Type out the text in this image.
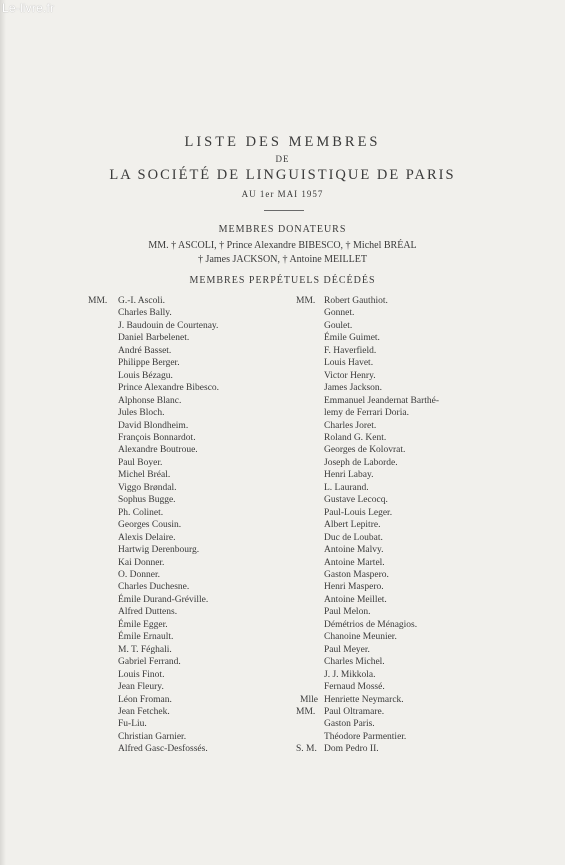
Le-livre.fr
LISTE DES MEMBRES
DE
LA SOCIÉTÉ DE LINGUISTIQUE DE PARIS
AU 1er MAI 1957
MEMBRES DONATEURS
MM. † ASCOLI, † Prince Alexandre BIBESCO, † Michel BRÉAL
† James JACKSON, † Antoine MEILLET
MEMBRES PERPÉTUELS DÉCÉDÉS
MM. G.-I. Ascoli.
Charles Bally.
J. Baudouin de Courtenay.
Daniel Barbelenet.
André Basset.
Philippe Berger.
Louis Bézagu.
Prince Alexandre Bibesco.
Alphonse Blanc.
Jules Bloch.
David Blondheim.
François Bonnardot.
Alexandre Boutroue.
Paul Boyer.
Michel Bréal.
Viggo Brøndal.
Sophus Bugge.
Ph. Colinet.
Georges Cousin.
Alexis Delaire.
Hartwig Derenbourg.
Kai Donner.
O. Donner.
Charles Duchesne.
Émile Durand-Gréville.
Alfred Duttens.
Émile Egger.
Émile Ernault.
M. T. Féghali.
Gabriel Ferrand.
Louis Finot.
Jean Fleury.
Léon Froman.
Jean Fetchek.
Fu-Liu.
Christian Garnier.
Alfred Gasc-Desfossés.
MM. Robert Gauthiot.
Gonnet.
Goulet.
Émile Guimet.
F. Haverfield.
Louis Havet.
Victor Henry.
James Jackson.
Emmanuel Jeandernat Barthé-
lemy de Ferrari Doria.
Charles Joret.
Roland G. Kent.
Georges de Kolovrat.
Joseph de Laborde.
Henri Labay.
L. Laurand.
Gustave Lecocq.
Paul-Louis Leger.
Albert Lepitre.
Duc de Loubat.
Antoine Malvy.
Antoine Martel.
Gaston Maspero.
Henri Maspero.
Antoine Meillet.
Paul Melon.
Démétrios de Ménagios.
Chanoine Meunier.
Paul Meyer.
Charles Michel.
J. J. Mikkola.
Fernaud Mossé.
Mlle Henriette Neymarck.
MM. Paul Oltramare.
Gaston Paris.
Théodore Parmentier.
S. M. Dom Pedro II.
